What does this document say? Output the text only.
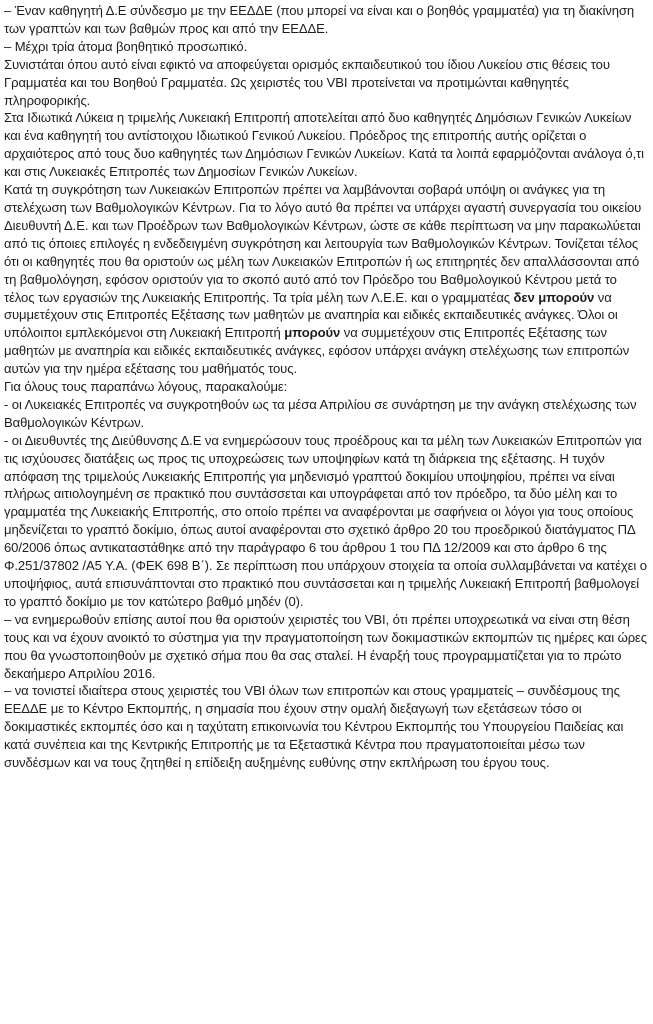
– Έναν καθηγητή Δ.Ε σύνδεσμο με την ΕΕΔΔΕ (που μπορεί να είναι και ο βοηθός γραμματέα) για τη διακίνηση των γραπτών και των βαθμών προς και από την ΕΕΔΔΕ.

– Μέχρι τρία άτομα βοηθητικό προσωπικό.

Συνιστάται όπου αυτό είναι εφικτό να αποφεύγεται ορισμός εκπαιδευτικού του ίδιου Λυκείου στις θέσεις του Γραμματέα και του Βοηθού Γραμματέα. Ως χειριστές του VBI προτείνεται να προτιμώνται καθηγητές πληροφορικής.

Στα Ιδιωτικά Λύκεια η τριμελής Λυκειακή Επιτροπή αποτελείται από δυο καθηγητές Δημόσιων Γενικών Λυκείων και ένα καθηγητή του αντίστοιχου Ιδιωτικού Γενικού Λυκείου. Πρόεδρος της επιτροπής αυτής ορίζεται ο αρχαιότερος από τους δυο καθηγητές των Δημόσιων Γενικών Λυκείων. Κατά τα λοιπά εφαρμόζονται ανάλογα ό,τι και στις Λυκειακές Επιτροπές των Δημοσίων Γενικών Λυκείων.

Κατά τη συγκρότηση των Λυκειακών Επιτροπών πρέπει να λαμβάνονται σοβαρά υπόψη οι ανάγκες για τη στελέχωση των Βαθμολογικών Κέντρων. Για το λόγο αυτό θα πρέπει να υπάρχει αγαστή συνεργασία του οικείου Διευθυντή Δ.Ε. και των Προέδρων των Βαθμολογικών Κέντρων, ώστε σε κάθε περίπτωση να μην παρακωλύεται από τις όποιες επιλογές η ενδεδειγμένη συγκρότηση και λειτουργία των Βαθμολογικών Κέντρων. Τονίζεται τέλος ότι οι καθηγητές που θα οριστούν ως μέλη των Λυκειακών Επιτροπών ή ως επιτηρητές δεν απαλλάσσονται από τη βαθμολόγηση, εφόσον οριστούν για το σκοπό αυτό από τον Πρόεδρο του Βαθμολογικού Κέντρου μετά το τέλος των εργασιών της Λυκειακής Επιτροπής. Τα τρία μέλη των Λ.Ε.Ε. και ο γραμματέας δεν μπορούν να συμμετέχουν στις Επιτροπές Εξέτασης των μαθητών με αναπηρία και ειδικές εκπαιδευτικές ανάγκες. Όλοι οι υπόλοιποι εμπλεκόμενοι στη Λυκειακή Επιτροπή μπορούν να συμμετέχουν στις Επιτροπές Εξέτασης των μαθητών με αναπηρία και ειδικές εκπαιδευτικές ανάγκες, εφόσον υπάρχει ανάγκη στελέχωσης των επιτροπών αυτών για την ημέρα εξέτασης του μαθήματός τους.

Για όλους τους παραπάνω λόγους, παρακαλούμε:

- οι Λυκειακές Επιτροπές να συγκροτηθούν ως τα μέσα Απριλίου σε συνάρτηση με την ανάγκη στελέχωσης των Βαθμολογικών Κέντρων.

- οι Διευθυντές της Διεύθυνσης Δ.Ε να ενημερώσουν τους προέδρους και τα μέλη των Λυκειακών Επιτροπών για τις ισχύουσες διατάξεις ως προς τις υποχρεώσεις των υποψηφίων κατά τη διάρκεια της εξέτασης. Η τυχόν απόφαση της τριμελούς Λυκειακής Επιτροπής για μηδενισμό γραπτού δοκιμίου υποψηφίου, πρέπει να είναι πλήρως αιτιολογημένη σε πρακτικό που συντάσσεται και υπογράφεται από τον πρόεδρο, τα δύο μέλη και το γραμματέα της Λυκειακής Επιτροπής, στο οποίο πρέπει να αναφέρονται με σαφήνεια οι λόγοι για τους οποίους μηδενίζεται το γραπτό δοκίμιο, όπως αυτοί αναφέρονται στο σχετικό άρθρο 20 του προεδρικού διατάγματος ΠΔ 60/2006 όπως αντικαταστάθηκε από την παράγραφο 6 του άρθρου 1 του ΠΔ 12/2009 και στο άρθρο 6 της Φ.251/37802 /Α5 Υ.Α. (ΦΕΚ 698 Β΄). Σε περίπτωση που υπάρχουν στοιχεία τα οποία συλλαμβάνεται να κατέχει ο υποψήφιος, αυτά επισυνάπτονται στο πρακτικό που συντάσσεται και η τριμελής Λυκειακή Επιτροπή βαθμολογεί το γραπτό δοκίμιο με τον κατώτερο βαθμό μηδέν (0).

– να ενημερωθούν επίσης αυτοί που θα οριστούν χειριστές του VBI, ότι πρέπει υποχρεωτικά να είναι στη θέση τους και να έχουν ανοικτό το σύστημα για την πραγματοποίηση των δοκιμαστικών εκπομπών τις ημέρες και ώρες που θα γνωστοποιηθούν με σχετικό σήμα που θα σας σταλεί. Η έναρξή τους προγραμματίζεται για το πρώτο δεκαήμερο Απριλίου 2016.

– να τονιστεί ιδιαίτερα στους χειριστές του VBI όλων των επιτροπών και στους γραμματείς – συνδέσμους της ΕΕΔΔΕ με το Κέντρο Εκπομπής, η σημασία που έχουν στην ομαλή διεξαγωγή των εξετάσεων τόσο οι δοκιμαστικές εκπομπές όσο και η ταχύτατη επικοινωνία του Κέντρου Εκπομπής του Υπουργείου Παιδείας και κατά συνέπεια και της Κεντρικής Επιτροπής με τα Εξεταστικά Κέντρα που πραγματοποιείται μέσω των συνδέσμων και να τους ζητηθεί η επίδειξη αυξημένης ευθύνης στην εκπλήρωση του έργου τους.
